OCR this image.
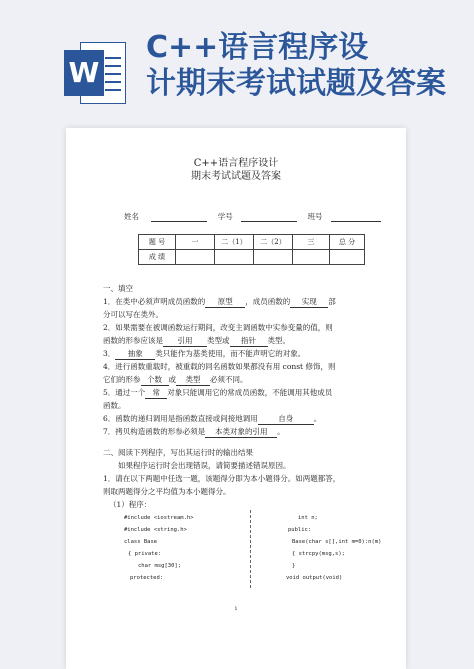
W
C++语言程序设
计期末考试试题及答案
C++语言程序设计
期末考试试题及答案
姓名	学号	班号
题 号	一	二（1）	二（2）	三	总 分
成 绩					
一、填空
1．在类中必须声明成员函数的 原型 ，成员函数的 实现 部
分可以写在类外。
2．如果需要在被调函数运行期间，改变主调函数中实参变量的值，则
函数的形参应该是 引用 类型或 指针 类型。
3． 抽象 类只能作为基类使用，而不能声明它的对象。
4．进行函数重载时，被重载的同名函数如果都没有用 const 修饰，则
它们的形参 个数 或 类型 必须不同。
5．通过一个 常 对象只能调用它的常成员函数，不能调用其他成员
函数。
6．函数的递归调用是指函数直接或间接地调用	自身	。
7．拷贝构造函数的形参必须是 本类对象的引用 。
二、阅读下列程序，写出其运行时的输出结果
如果程序运行时会出现错误，请简要描述错误原因。
1．请在以下两题中任选一题，该题得分即为本小题得分。如两题都答，
则取两题得分之平均值为本小题得分。
（1）程序：
#include <iostream.h>
#include <string.h>
class Base
{ private:
char msg[30];
protected:
int n;
public:
Base(char s[],int m=0):n(m)
{ strcpy(msg,s);
}
void output(void)
1
